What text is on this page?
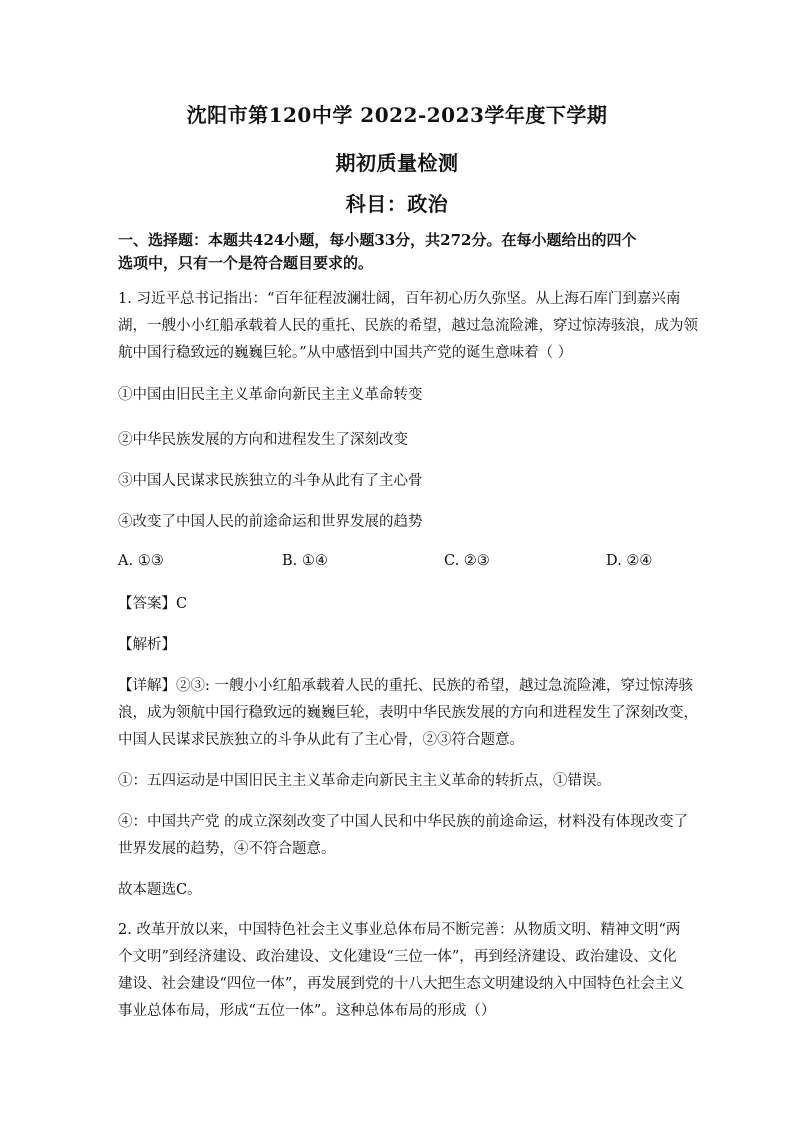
沈阳市第120中学 2022-2023学年度下学期
期初质量检测
科目：政治
一、选择题：本题共424小题，每小题33分，共272分。在每小题给出的四个
选项中，只有一个是符合题目要求的。
1. 习近平总书记指出：“百年征程波澜壮阔，百年初心历久弥坚。从上海石库门到嘉兴南
湖，一艘小小红船承载着人民的重托、民族的希望，越过急流险滩，穿过惊涛骇浪，成为领
航中国行稳致远的巍巍巨轮。”从中感悟到中国共产党的诞生意味着（ ）
①中国由旧民主主义革命向新民主主义革命转变
②中华民族发展的方向和进程发生了深刻改变
③中国人民谋求民族独立的斗争从此有了主心骨
④改变了中国人民的前途命运和世界发展的趋势
A. ①③	B. ①④	C. ②③	D. ②④
【答案】C
【解析】
【详解】②③: 一艘小小红船承载着人民的重托、民族的希望，越过急流险滩，穿过惊涛骇
浪，成为领航中国行稳致远的巍巍巨轮，表明中华民族发展的方向和进程发生了深刻改变，
中国人民谋求民族独立的斗争从此有了主心骨，②③符合题意。
①：五四运动是中国旧民主主义革命走向新民主主义革命的转折点，①错误。
④：中国共产党 的成立深刻改变了中国人民和中华民族的前途命运，材料没有体现改变了
世界发展的趋势，④不符合题意。
故本题选C。
2. 改革开放以来，中国特色社会主义事业总体布局不断完善：从物质文明、精神文明“两
个文明”到经济建设、政治建设、文化建设“三位一体”，再到经济建设、政治建设、文化
建设、社会建设“四位一体”，再发展到党的十八大把生态文明建设纳入中国特色社会主义
事业总体布局，形成“五位一体”。这种总体布局的形成（）
